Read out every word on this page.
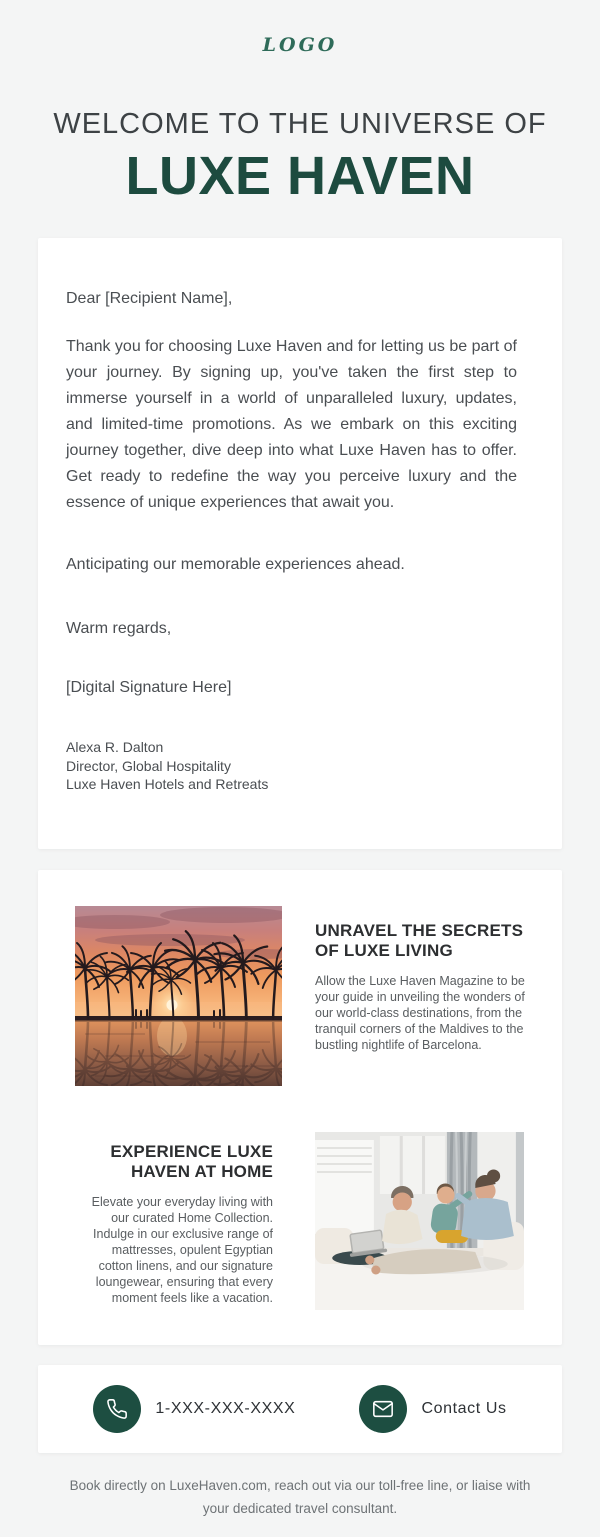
LOGO
WELCOME TO THE UNIVERSE OF
LUXE HAVEN

Dear [Recipient Name],

Thank you for choosing Luxe Haven and for letting us be part of your journey. By signing up, you've taken the first step to immerse yourself in a world of unparalleled luxury, updates, and limited-time promotions. As we embark on this exciting journey together, dive deep into what Luxe Haven has to offer. Get ready to redefine the way you perceive luxury and the essence of unique experiences that await you.

Anticipating our memorable experiences ahead.

Warm regards,

[Digital Signature Here]

Alexa R. Dalton
Director, Global Hospitality
Luxe Haven Hotels and Retreats
UNRAVEL THE SECRETS OF LUXE LIVING

Allow the Luxe Haven Magazine to be your guide in unveiling the wonders of our world-class destinations, from the tranquil corners of the Maldives to the bustling nightlife of Barcelona.

EXPERIENCE LUXE HAVEN AT HOME

Elevate your everyday living with our curated Home Collection. Indulge in our exclusive range of mattresses, opulent Egyptian cotton linens, and our signature loungewear, ensuring that every moment feels like a vacation.

1-XXX-XXX-XXXX	Contact Us
Book directly on LuxeHaven.com, reach out via our toll-free line, or liaise with your dedicated travel consultant.
